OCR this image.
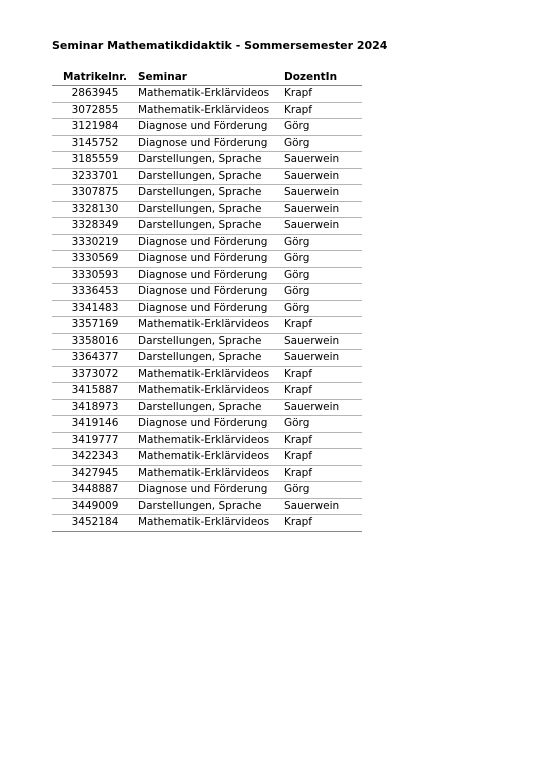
Seminar Mathematikdidaktik - Sommersemester 2024
Matrikelnr.	Seminar	DozentIn
2863945	Mathematik-Erklärvideos	Krapf
3072855	Mathematik-Erklärvideos	Krapf
3121984	Diagnose und Förderung	Görg
3145752	Diagnose und Förderung	Görg
3185559	Darstellungen, Sprache	Sauerwein
3233701	Darstellungen, Sprache	Sauerwein
3307875	Darstellungen, Sprache	Sauerwein
3328130	Darstellungen, Sprache	Sauerwein
3328349	Darstellungen, Sprache	Sauerwein
3330219	Diagnose und Förderung	Görg
3330569	Diagnose und Förderung	Görg
3330593	Diagnose und Förderung	Görg
3336453	Diagnose und Förderung	Görg
3341483	Diagnose und Förderung	Görg
3357169	Mathematik-Erklärvideos	Krapf
3358016	Darstellungen, Sprache	Sauerwein
3364377	Darstellungen, Sprache	Sauerwein
3373072	Mathematik-Erklärvideos	Krapf
3415887	Mathematik-Erklärvideos	Krapf
3418973	Darstellungen, Sprache	Sauerwein
3419146	Diagnose und Förderung	Görg
3419777	Mathematik-Erklärvideos	Krapf
3422343	Mathematik-Erklärvideos	Krapf
3427945	Mathematik-Erklärvideos	Krapf
3448887	Diagnose und Förderung	Görg
3449009	Darstellungen, Sprache	Sauerwein
3452184	Mathematik-Erklärvideos	Krapf
